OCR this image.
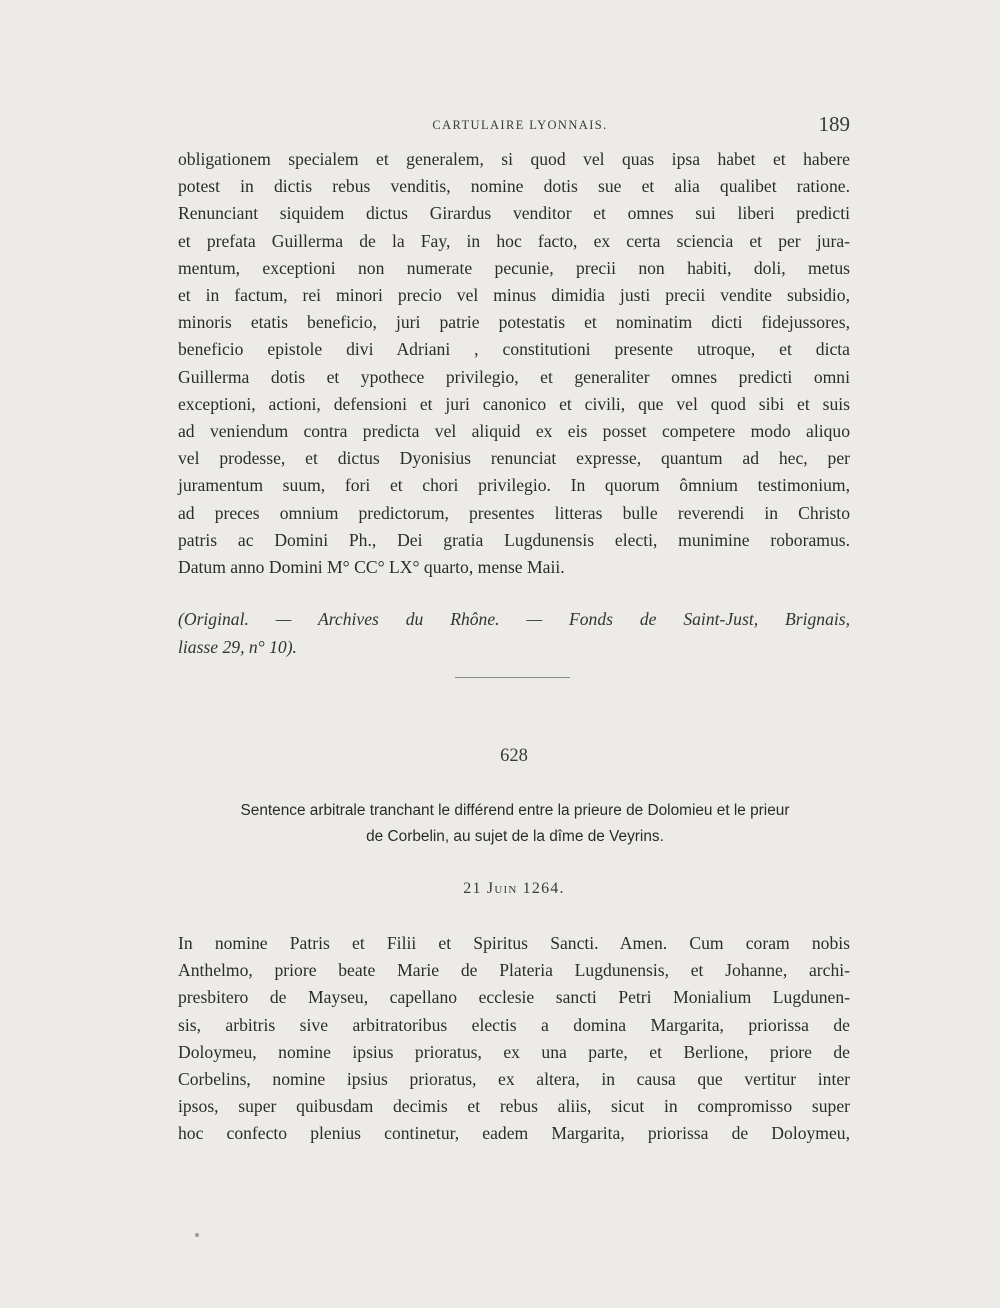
CARTULAIRE LYONNAIS.	189
obligationem specialem et generalem, si quod vel quas ipsa habet et habere
potest in dictis rebus venditis, nomine dotis sue et alia qualibet ratione.
Renunciant siquidem dictus Girardus venditor et omnes sui liberi predicti
et prefata Guillerma de la Fay, in hoc facto, ex certa sciencia et per jura-
mentum, exceptioni non numerate pecunie, precii non habiti, doli, metus
et in factum, rei minori precio vel minus dimidia justi precii vendite subsidio,
minoris etatis beneficio, juri patrie potestatis et nominatim dicti fidejussores,
beneficio epistole divi Adriani , constitutioni presente utroque, et dicta
Guillerma dotis et ypothece privilegio, et generaliter omnes predicti omni
exceptioni, actioni, defensioni et juri canonico et civili, que vel quod sibi et suis
ad veniendum contra predicta vel aliquid ex eis posset competere modo aliquo
vel prodesse, et dictus Dyonisius renunciat expresse, quantum ad hec, per
juramentum suum, fori et chori privilegio. In quorum ômnium testimonium,
ad preces omnium predictorum, presentes litteras bulle reverendi in Christo
patris ac Domini Ph., Dei gratia Lugdunensis electi, munimine roboramus.
Datum anno Domini M° CC° LX° quarto, mense Maii.
(Original. — Archives du Rhône. — Fonds de Saint-Just, Brignais,
liasse 29, n° 10).
628
Sentence arbitrale tranchant le différend entre la prieure de Dolomieu et le prieur
de Corbelin, au sujet de la dîme de Veyrins.
21 Juin 1264.
In nomine Patris et Filii et Spiritus Sancti. Amen. Cum coram nobis
Anthelmo, priore beate Marie de Plateria Lugdunensis, et Johanne, archi-
presbitero de Mayseu, capellano ecclesie sancti Petri Monialium Lugdunen-
sis, arbitris sive arbitratoribus electis a domina Margarita, priorissa de
Doloymeu, nomine ipsius prioratus, ex una parte, et Berlione, priore de
Corbelins, nomine ipsius prioratus, ex altera, in causa que vertitur inter
ipsos, super quibusdam decimis et rebus aliis, sicut in compromisso super
hoc confecto plenius continetur, eadem Margarita, priorissa de Doloymeu,
